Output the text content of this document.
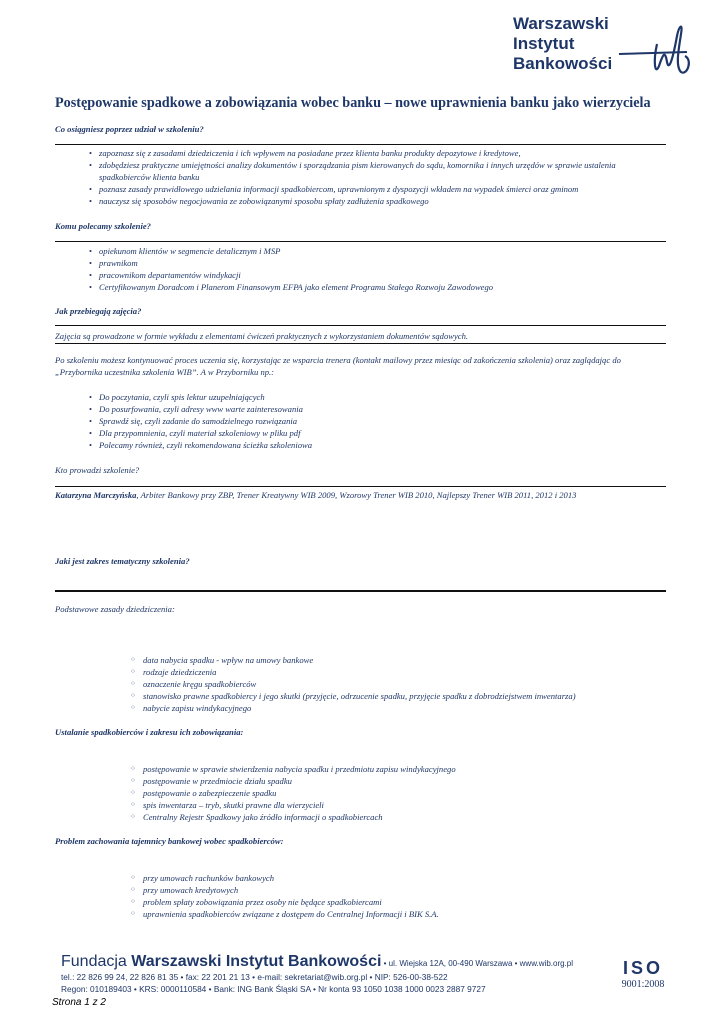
Warszawski
Instytut
Bankowości
Postępowanie spadkowe a zobowiązania wobec banku – nowe uprawnienia banku jako wierzyciela
Co osiągniesz poprzez udział w szkoleniu?
• zapoznasz się z zasadami dziedziczenia i ich wpływem na posiadane przez klienta banku produkty depozytowe i kredytowe,
• zdobędziesz praktyczne umiejętności analizy dokumentów i sporządzania pism kierowanych do sądu, komornika i innych urzędów w sprawie ustalenia spadkobierców klienta banku
• poznasz zasady prawidłowego udzielania informacji spadkobiercom, uprawnionym z dyspozycji wkładem na wypadek śmierci oraz gminom
• nauczysz się sposobów negocjowania ze zobowiązanymi sposobu spłaty zadłużenia spadkowego
Komu polecamy szkolenie?
• opiekunom klientów w segmencie detalicznym i MSP
• prawnikom
• pracownikom departamentów windykacji
• Certyfikowanym Doradcom i Planerom Finansowym EFPA jako element Programu Stałego Rozwoju Zawodowego
Jak przebiegają zajęcia?
Zajęcia są prowadzone w formie wykładu z elementami ćwiczeń praktycznych z wykorzystaniem dokumentów sądowych.
Po szkoleniu możesz kontynuować proces uczenia się, korzystając ze wsparcia trenera (kontakt mailowy przez miesiąc od zakończenia szkolenia) oraz zaglądając do „Przybornika uczestnika szkolenia WIB”. A w Przyborniku np.:
• Do poczytania, czyli spis lektur uzupełniających
• Do posurfowania, czyli adresy www warte zainteresowania
• Sprawdź się, czyli zadanie do samodzielnego rozwiązania
• Dla przypomnienia, czyli materiał szkoleniowy w pliku pdf
• Polecamy również, czyli rekomendowana ścieżka szkoleniowa
Kto prowadzi szkolenie?
Katarzyna Marczyńska, Arbiter Bankowy przy ZBP, Trener Kreatywny WIB 2009, Wzorowy Trener WIB 2010, Najlepszy Trener WIB 2011, 2012 i 2013
Jaki jest zakres tematyczny szkolenia?
Podstawowe zasady dziedziczenia:
○ data nabycia spadku - wpływ na umowy bankowe
○ rodzaje dziedziczenia
○ oznaczenie kręgu spadkobierców
○ stanowisko prawne spadkobiercy i jego skutki (przyjęcie, odrzucenie spadku, przyjęcie spadku z dobrodziejstwem inwentarza)
○ nabycie zapisu windykacyjnego
Ustalanie spadkobierców i zakresu ich zobowiązania:
○ postępowanie w sprawie stwierdzenia nabycia spadku i przedmiotu zapisu windykacyjnego
○ postępowanie w przedmiocie działu spadku
○ postępowanie o zabezpieczenie spadku
○ spis inwentarza – tryb, skutki prawne dla wierzycieli
○ Centralny Rejestr Spadkowy jako źródło informacji o spadkobiercach
Problem zachowania tajemnicy bankowej wobec spadkobierców:
○ przy umowach rachunków bankowych
○ przy umowach kredytowych
○ problem spłaty zobowiązania przez osoby nie będące spadkobiercami
○ uprawnienia spadkobierców związane z dostępem do Centralnej Informacji i BIK S.A.
Fundacja Warszawski Instytut Bankowości • ul. Wiejska 12A, 00-490 Warszawa • www.wib.org.pl
tel.: 22 826 99 24, 22 826 81 35 • fax: 22 201 21 13 • e-mail: sekretariat@wib.org.pl • NIP: 526-00-38-522
Regon: 010189403 • KRS: 0000110584 • Bank: ING Bank Śląski SA • Nr konta 93 1050 1038 1000 0023 2887 9727
ISO
9001:2008
Strona 1 z 2
